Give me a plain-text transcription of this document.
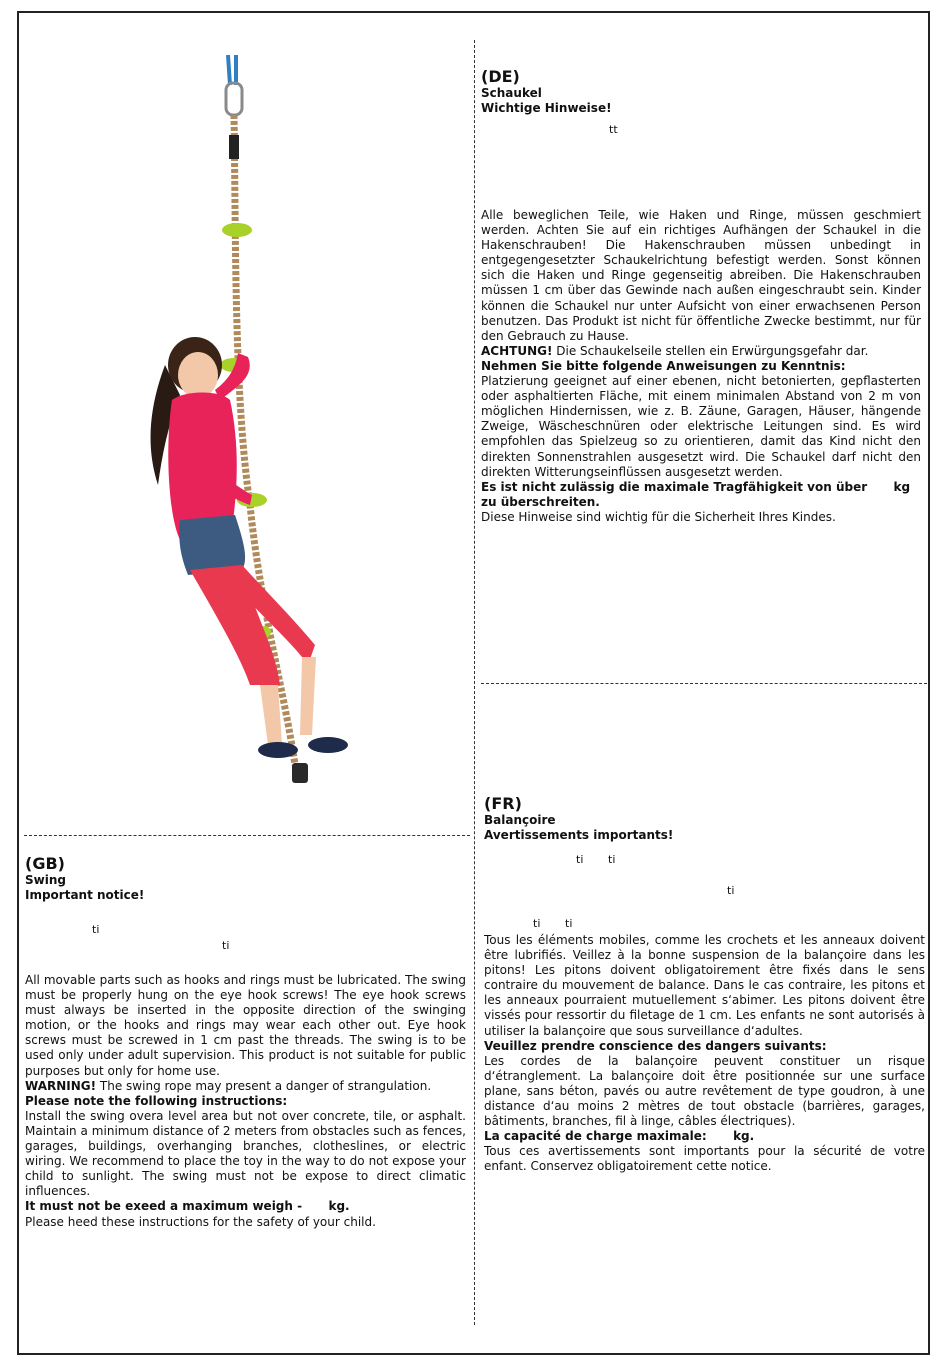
(DE)
Schaukel
Wichtige Hinweise!
tt

Alle beweglichen Teile, wie Haken und Ringe, müssen geschmiert werden. Achten Sie auf ein richtiges Aufhängen der Schaukel in die Hakenschrauben! Die Hakenschrauben müssen unbedingt in entgegengesetzter Schaukelrichtung befestigt werden. Sonst können sich die Haken und Ringe gegenseitig abreiben. Die Hakenschrauben müssen 1 cm über das Gewinde nach außen eingeschraubt sein. Kinder können die Schaukel nur unter Aufsicht von einer erwachsenen Person benutzen. Das Produkt ist nicht für öffentliche Zwecke bestimmt, nur für den Gebrauch zu Hause.

ACHTUNG! Die Schaukelseile stellen ein Erwürgungsgefahr dar.

Nehmen Sie bitte folgende Anweisungen zu Kenntnis:

Platzierung geeignet auf einer ebenen, nicht betonierten, gepflasterten oder asphaltierten Fläche, mit einem minimalen Abstand von 2 m von möglichen Hindernissen, wie z. B. Zäune, Garagen, Häuser, hängende Zweige, Wäscheschnüren oder elektrische Leitungen sind. Es wird empfohlen das Spielzeug so zu orientieren, damit das Kind nicht den direkten Sonnenstrahlen ausgesetzt wird. Die Schaukel darf nicht den direkten Witterungseinflüssen ausgesetzt werden.

Es ist nicht zulässig die maximale Tragfähigkeit von über kg
zu überschreiten.

Diese Hinweise sind wichtig für die Sicherheit Ihres Kindes.

(GB)
Swing
Important notice!
ti
ti

All movable parts such as hooks and rings must be lubricated. The swing must be properly hung on the eye hook screws! The eye hook screws must always be inserted in the opposite direction of the swinging motion, or the hooks and rings may wear each other out. Eye hook screws must be screwed in 1 cm past the threads. The swing is to be used only under adult supervision. This product is not suitable for public purposes but only for home use.

WARNING! The swing rope may present a danger of strangulation.

Please note the following instructions:

Install the swing overa level area but not over concrete, tile, or asphalt. Maintain a minimum distance of 2 meters from obstacles such as fences, garages, buildings, overhanging branches, clotheslines, or electric wiring. We recommend to place the toy in the way to do not expose your child to sunlight. The swing must not be expose to direct climatic influences.

It must not be exeed a maximum weigh - kg.

Please heed these instructions for the safety of your child.

(FR)
Balançoire
Avertissements importants!
ti ti
ti
ti ti

Tous les éléments mobiles, comme les crochets et les anneaux doivent être lubrifiés. Veillez à la bonne suspension de la balançoire dans les pitons! Les pitons doivent obligatoirement être fixés dans le sens contraire du mouvement de balance. Dans le cas contraire, les pitons et les anneaux pourraient mutuellement s‘abimer. Les pitons doivent être vissés pour ressortir du filetage de 1 cm. Les enfants ne sont autorisés à utiliser la balançoire que sous surveillance d‘adultes.

Veuillez prendre conscience des dangers suivants:

Les cordes de la balançoire peuvent constituer un risque d‘étranglement. La balançoire doit être positionnée sur une surface plane, sans béton, pavés ou autre revêtement de type goudron, à une distance d‘au moins 2 mètres de tout obstacle (barrières, garages, bâtiments, branches, fil à linge, câbles électriques).

La capacité de charge maximale: kg.

Tous ces avertissements sont importants pour la sécurité de votre enfant. Conservez obligatoirement cette notice.
